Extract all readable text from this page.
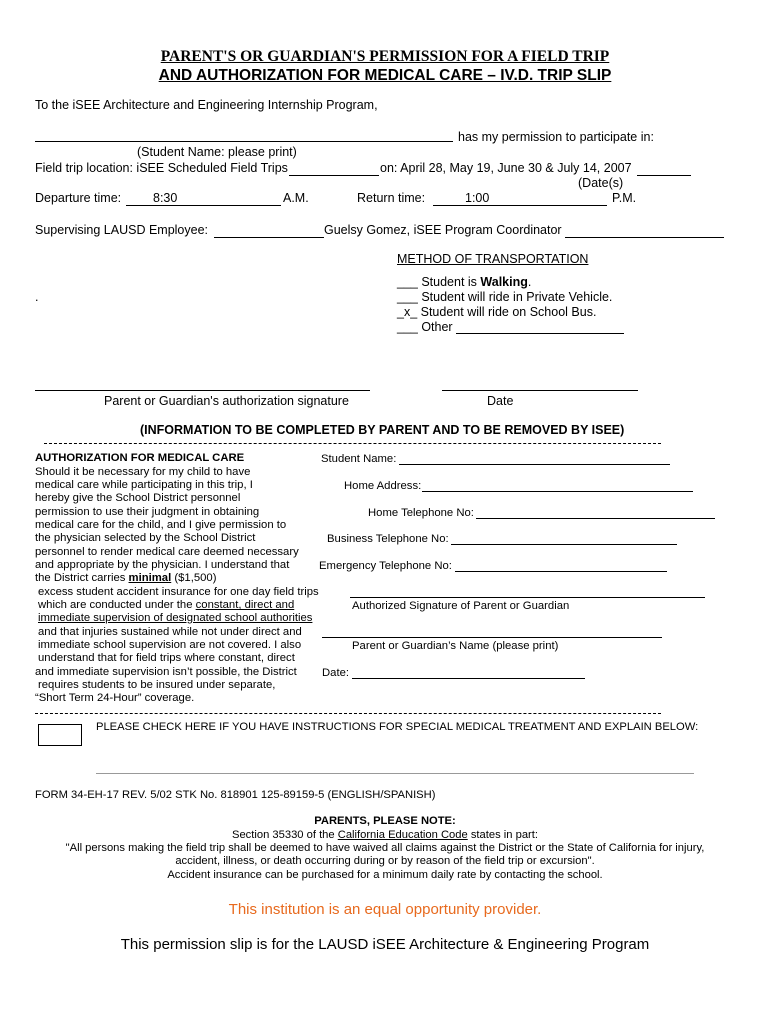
PARENT'S OR GUARDIAN'S PERMISSION FOR A FIELD TRIP
AND AUTHORIZATION FOR MEDICAL CARE – IV.D. TRIP SLIP
To the iSEE Architecture and Engineering Internship Program,
has my permission to participate in:
(Student Name: please print)
Field trip location: iSEE Scheduled Field Trips	on: April 28, May 19, June 30 & July 14, 2007
(Date(s)
Departure time:	8:30	A.M.	Return time:	1:00	P.M.
Supervising LAUSD Employee:	Guelsy Gomez, iSEE Program Coordinator
METHOD OF TRANSPORTATION
___ Student is Walking.
___ Student will ride in Private Vehicle.
_x_ Student will ride on School Bus.
___ Other
.
Parent or Guardian's authorization signature	Date
(INFORMATION TO BE COMPLETED BY PARENT AND TO BE REMOVED BY ISEE)
AUTHORIZATION FOR MEDICAL CARE
Should it be necessary for my child to have
medical care while participating in this trip, I
hereby give the School District personnel
permission to use their judgment in obtaining
medical care for the child, and I give permission to
the physician selected by the School District
personnel to render medical care deemed necessary
and appropriate by the physician. I understand that
the District carries minimal ($1,500)
excess student accident insurance for one day field trips
which are conducted under the constant, direct and
immediate supervision of designated school authorities
and that injuries sustained while not under direct and
immediate school supervision are not covered. I also
understand that for field trips where constant, direct
and immediate supervision isn’t possible, the District
requires students to be insured under separate,
“Short Term 24-Hour” coverage.
Student Name:
Home Address:
Home Telephone No:
Business Telephone No:
Emergency Telephone No:
Authorized Signature of Parent or Guardian
Parent or Guardian’s Name (please print)
Date:
PLEASE CHECK HERE IF YOU HAVE INSTRUCTIONS FOR SPECIAL MEDICAL TREATMENT AND EXPLAIN BELOW:
FORM 34-EH-17 REV. 5/02 STK No. 818901 125-89159-5 (ENGLISH/SPANISH)
PARENTS, PLEASE NOTE:
Section 35330 of the California Education Code states in part:
"All persons making the field trip shall be deemed to have waived all claims against the District or the State of California for injury,
accident, illness, or death occurring during or by reason of the field trip or excursion".
Accident insurance can be purchased for a minimum daily rate by contacting the school.
This institution is an equal opportunity provider.
This permission slip is for the LAUSD iSEE Architecture & Engineering Program
